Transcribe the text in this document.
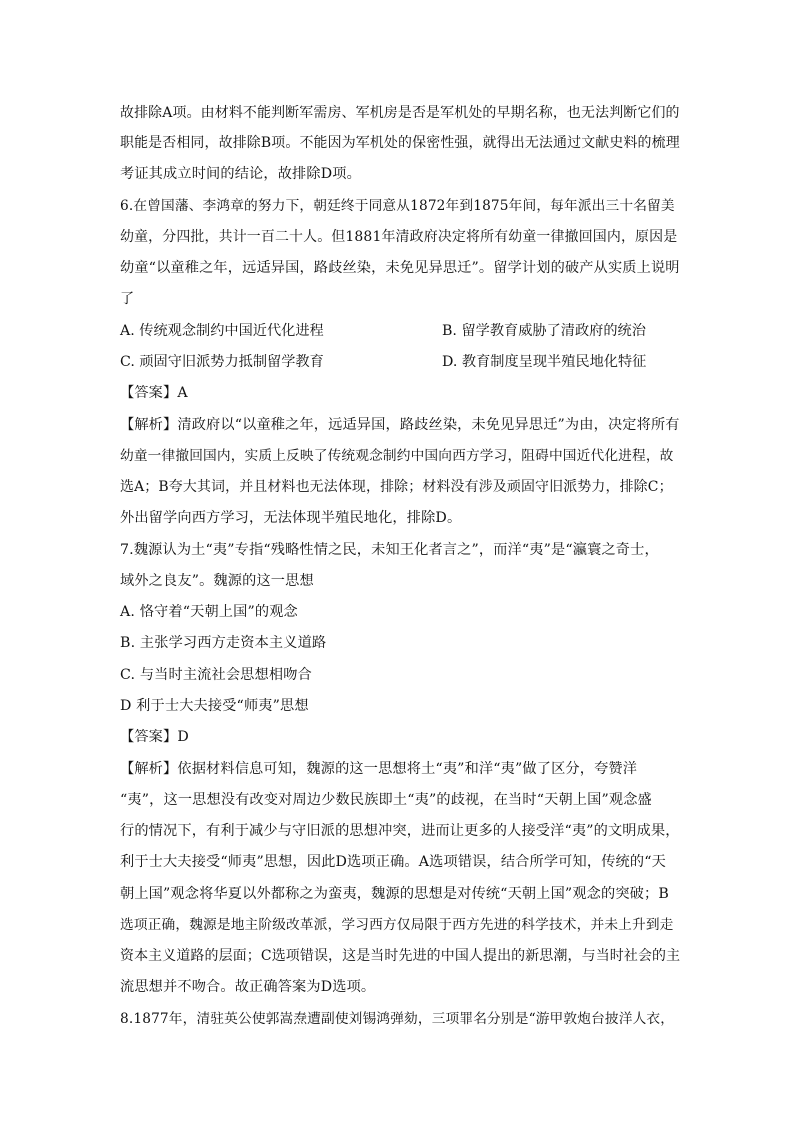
故排除A项。由材料不能判断军需房、军机房是否是军机处的早期名称，也无法判断它们的
职能是否相同，故排除B项。不能因为军机处的保密性强，就得出无法通过文献史料的梳理
考证其成立时间的结论，故排除D项。
6.在曾国藩、李鸿章的努力下，朝廷终于同意从1872年到1875年间，每年派出三十名留美
幼童，分四批，共计一百二十人。但1881年清政府决定将所有幼童一律撤回国内，原因是
幼童“以童稚之年，远适异国，路歧丝染，未免见异思迁”。留学计划的破产从实质上说明
了
A. 传统观念制约中国近代化进程	B. 留学教育威胁了清政府的统治
C. 顽固守旧派势力抵制留学教育	D. 教育制度呈现半殖民地化特征
【答案】A
【解析】清政府以“以童稚之年，远适异国，路歧丝染，未免见异思迁”为由，决定将所有
幼童一律撤回国内，实质上反映了传统观念制约中国向西方学习，阻碍中国近代化进程，故
选A；B夸大其词，并且材料也无法体现，排除；材料没有涉及顽固守旧派势力，排除C；
外出留学向西方学习，无法体现半殖民地化，排除D。
7.魏源认为土“夷”专指“残略性情之民，未知王化者言之”，而洋“夷”是“瀛寰之奇士，
域外之良友”。魏源的这一思想
A. 恪守着“天朝上国”的观念
B. 主张学习西方走资本主义道路
C. 与当时主流社会思想相吻合
D 利于士大夫接受“师夷”思想
【答案】D
【解析】依据材料信息可知，魏源的这一思想将土“夷”和洋“夷”做了区分，夸赞洋
“夷”，这一思想没有改变对周边少数民族即土“夷”的歧视，在当时“天朝上国”观念盛
行的情况下，有利于减少与守旧派的思想冲突，进而让更多的人接受洋“夷”的文明成果，
利于士大夫接受“师夷”思想，因此D选项正确。A选项错误，结合所学可知，传统的“天
朝上国”观念将华夏以外都称之为蛮夷，魏源的思想是对传统“天朝上国”观念的突破；B
选项正确，魏源是地主阶级改革派，学习西方仅局限于西方先进的科学技术，并未上升到走
资本主义道路的层面；C选项错误，这是当时先进的中国人提出的新思潮，与当时社会的主
流思想并不吻合。故正确答案为D选项。
8.1877年，清驻英公使郭嵩焘遭副使刘锡鸿弹劾，三项罪名分别是“游甲敦炮台披洋人衣，
